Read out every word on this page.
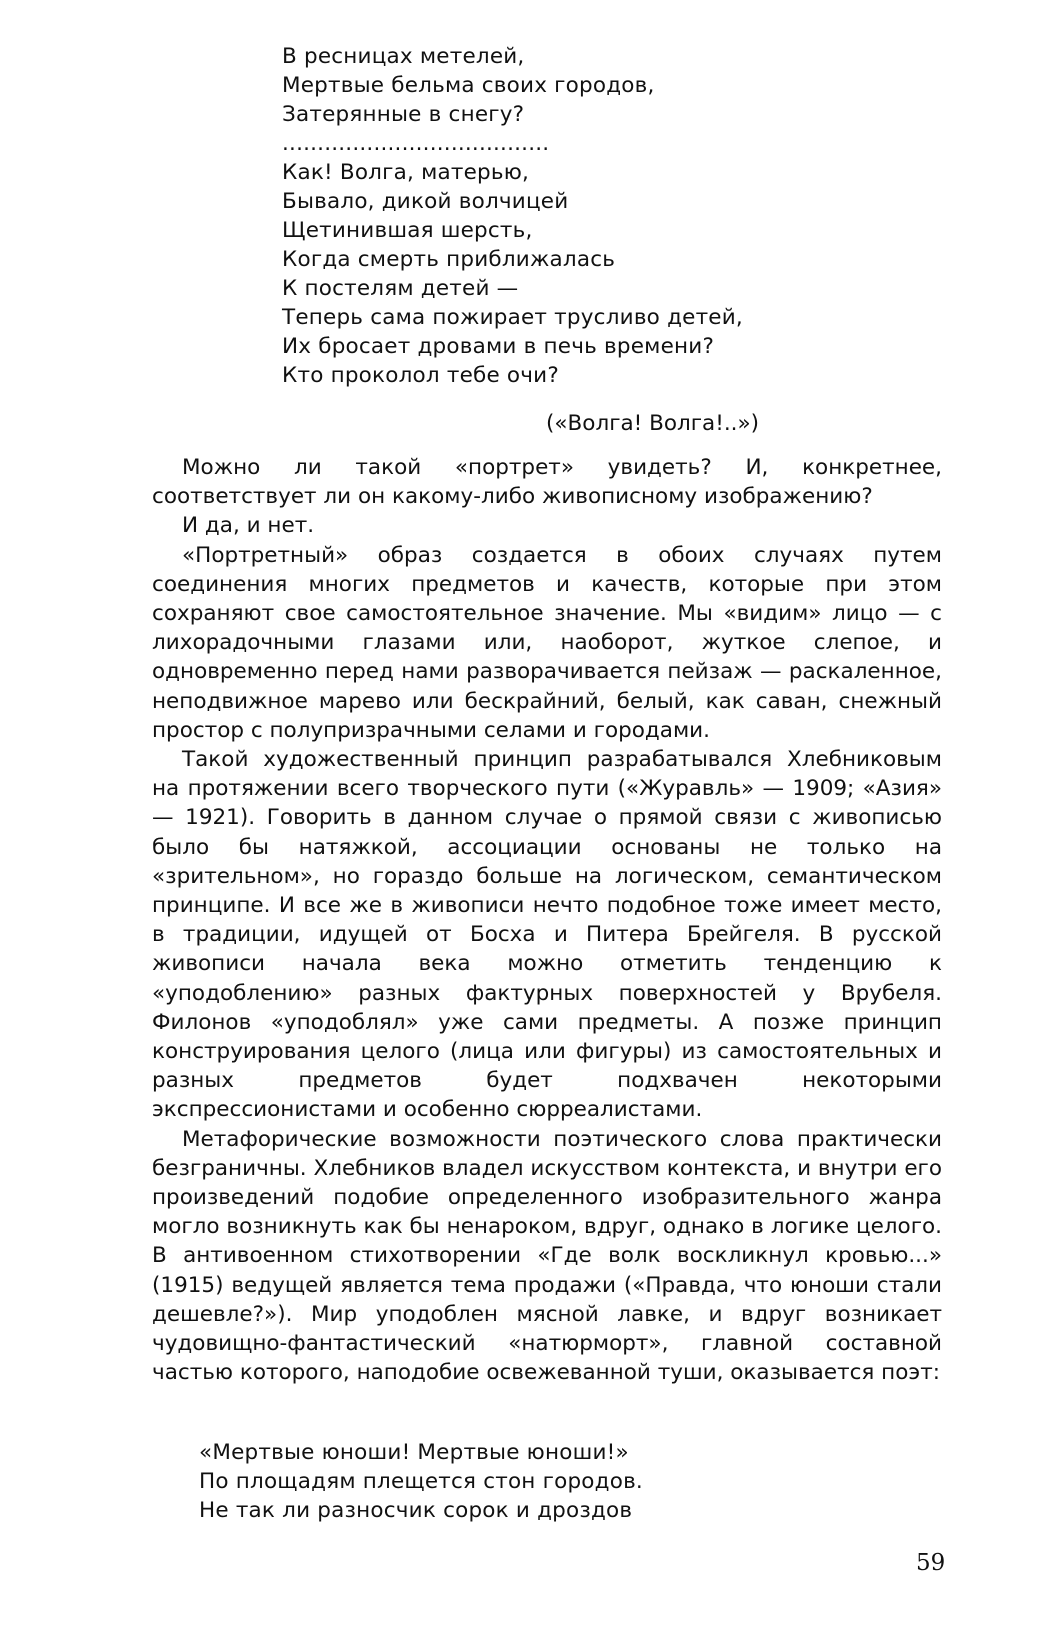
В ресницах метелей,
Мертвые бельма своих городов,
Затерянные в снегу?
......................................
Как! Волга, матерью,
Бывало, дикой волчицей
Щетинившая шерсть,
Когда смерть приближалась
К постелям детей —
Теперь сама пожирает трусливо детей,
Их бросает дровами в печь времени?
Кто проколол тебе очи?
(«Волга! Волга!..»)

Можно ли такой «портрет» увидеть? И, конкретнее, соответствует ли он какому-либо живописному изображению?

И да, и нет.

«Портретный» образ создается в обоих случаях путем соединения многих предметов и качеств, которые при этом сохраняют свое самостоятельное значение. Мы «видим» лицо — с лихорадочными глазами или, наоборот, жуткое слепое, и одновременно перед нами разворачивается пейзаж — раскаленное, неподвижное марево или бескрайний, белый, как саван, снежный простор с полупризрачными селами и городами.

Такой художественный принцип разрабатывался Хлебниковым на протяжении всего творческого пути («Журавль» — 1909; «Азия» — 1921). Говорить в данном случае о прямой связи с живописью было бы натяжкой, ассоциации основаны не только на «зрительном», но гораздо больше на логическом, семантическом принципе. И все же в живописи нечто подобное тоже имеет место, в традиции, идущей от Босха и Питера Брейгеля. В русской живописи начала века можно отметить тенденцию к «уподоблению» разных фактурных поверхностей у Врубеля. Филонов «уподоблял» уже сами предметы. А позже принцип конструирования целого (лица или фигуры) из самостоятельных и разных предметов будет подхвачен некоторыми экспрессионистами и особенно сюрреалистами.

Метафорические возможности поэтического слова практически безграничны. Хлебников владел искусством контекста, и внутри его произведений подобие определенного изобразительного жанра могло возникнуть как бы ненароком, вдруг, однако в логике целого. В антивоенном стихотворении «Где волк воскликнул кровью...» (1915) ведущей является тема продажи («Правда, что юноши стали дешевле?»). Мир уподоблен мясной лавке, и вдруг возникает чудовищно-фантастический «натюрморт», главной составной частью которого, наподобие освежеванной туши, оказывается поэт:

«Мертвые юноши! Мертвые юноши!»
По площадям плещется стон городов.
Не так ли разносчик сорок и дроздов
59
